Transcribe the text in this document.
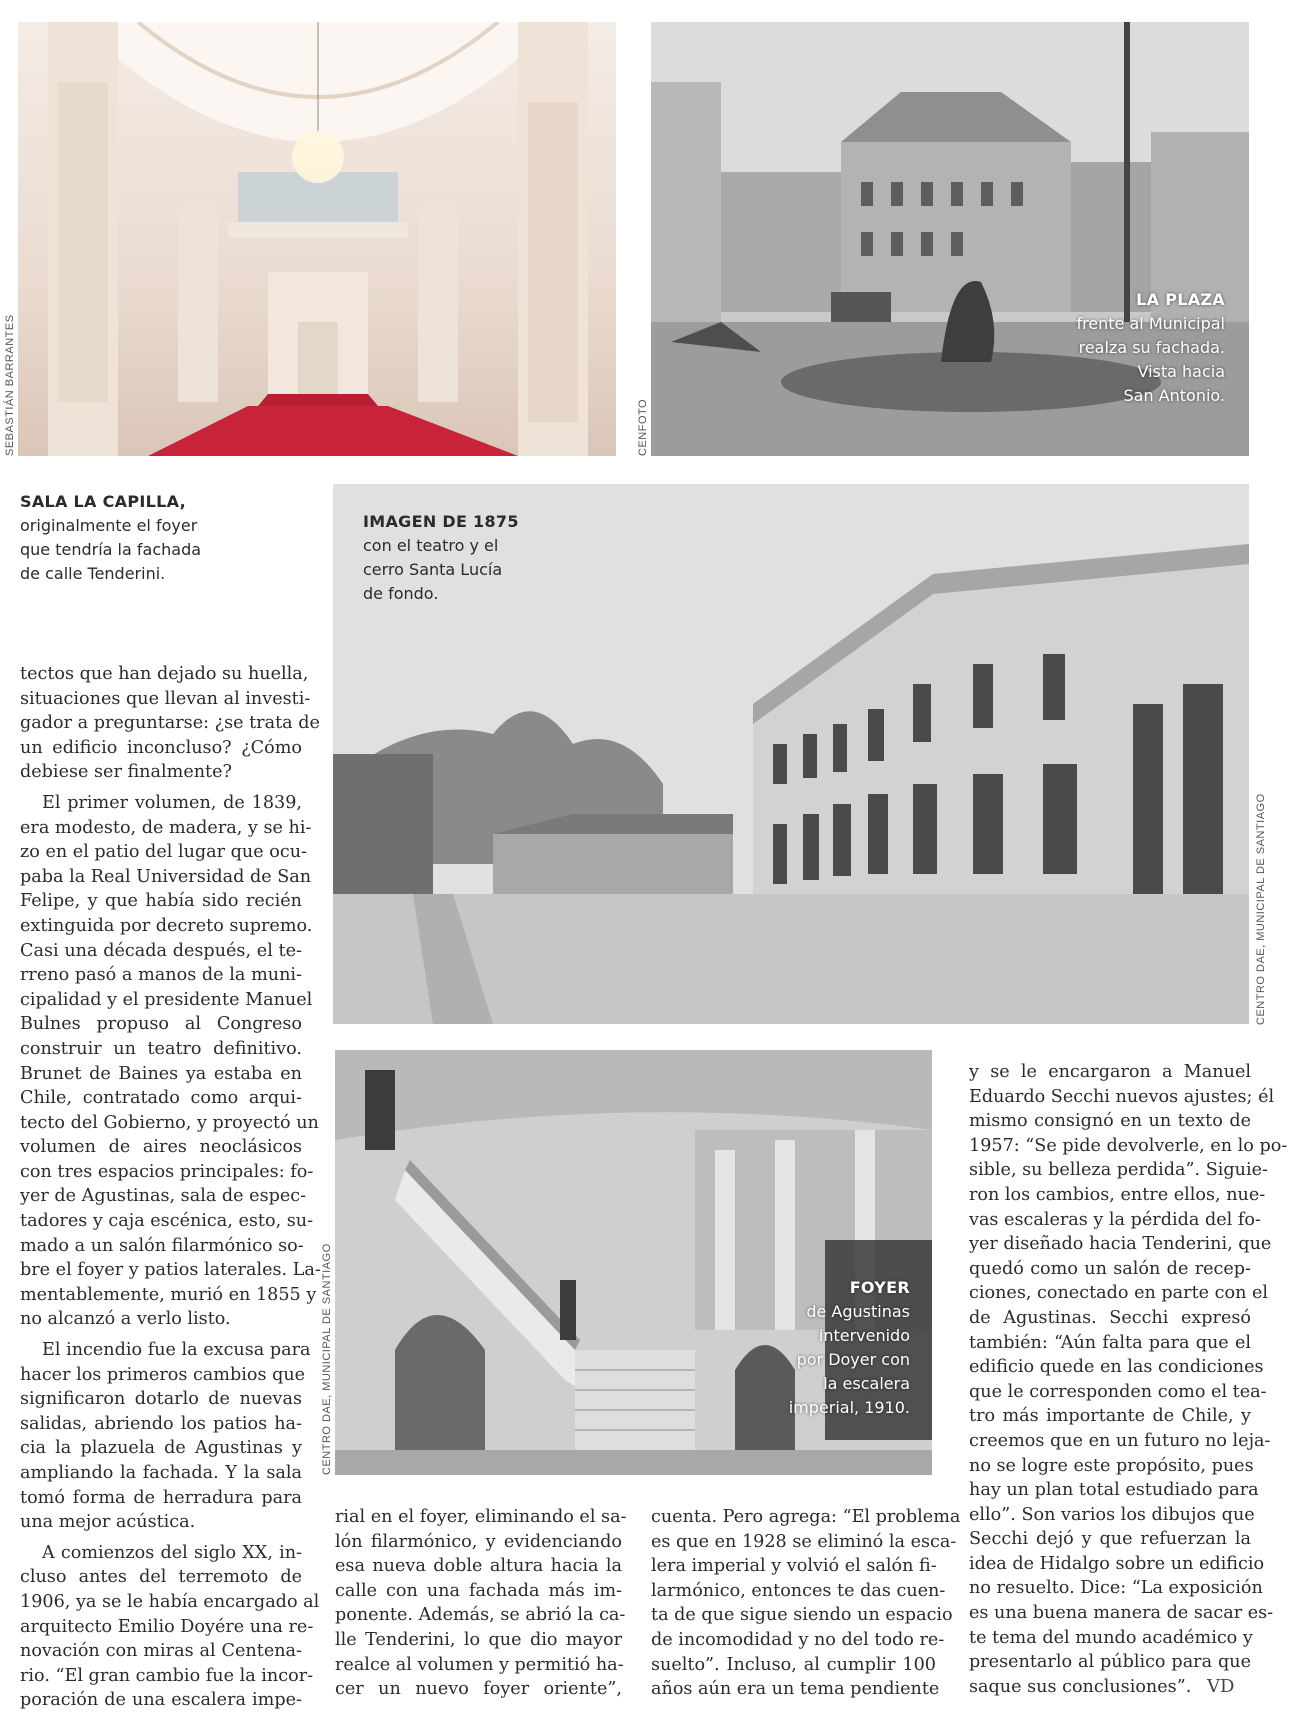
SEBASTIÁN BARRANTES
LA PLAZA
frente al Municipal
realza su fachada.
Vista hacia
San Antonio.
CENFOTO
SALA LA CAPILLA,
originalmente el foyer
que tendría la fachada
de calle Tenderini.
IMAGEN DE 1875
con el teatro y el
cerro Santa Lucía
de fondo.
CENTRO DAE, MUNICIPAL DE SANTIAGO
FOYER
de Agustinas
intervenido
por Doyer con
la escalera
imperial, 1910.
CENTRO DAE, MUNICIPAL DE SANTIAGO
tectos que han dejado su huella,
situaciones que llevan al investi-
gador a preguntarse: ¿se trata de
un edificio inconcluso? ¿Cómo
debiese ser finalmente?
El primer volumen, de 1839,
era modesto, de madera, y se hi-
zo en el patio del lugar que ocu-
paba la Real Universidad de San
Felipe, y que había sido recién
extinguida por decreto supremo.
Casi una década después, el te-
rreno pasó a manos de la muni-
cipalidad y el presidente Manuel
Bulnes propuso al Congreso
construir un teatro definitivo.
Brunet de Baines ya estaba en
Chile, contratado como arqui-
tecto del Gobierno, y proyectó un
volumen de aires neoclásicos
con tres espacios principales: fo-
yer de Agustinas, sala de espec-
tadores y caja escénica, esto, su-
mado a un salón filarmónico so-
bre el foyer y patios laterales. La-
mentablemente, murió en 1855 y
no alcanzó a verlo listo.
El incendio fue la excusa para
hacer los primeros cambios que
significaron dotarlo de nuevas
salidas, abriendo los patios ha-
cia la plazuela de Agustinas y
ampliando la fachada. Y la sala
tomó forma de herradura para
una mejor acústica.
A comienzos del siglo XX, in-
cluso antes del terremoto de
1906, ya se le había encargado al
arquitecto Emilio Doyére una re-
novación con miras al Centena-
rio. “El gran cambio fue la incor-
poración de una escalera impe-
rial en el foyer, eliminando el sa-
lón filarmónico, y evidenciando
esa nueva doble altura hacia la
calle con una fachada más im-
ponente. Además, se abrió la ca-
lle Tenderini, lo que dio mayor
realce al volumen y permitió ha-
cer un nuevo foyer oriente”,
cuenta. Pero agrega: “El problema
es que en 1928 se eliminó la esca-
lera imperial y volvió el salón fi-
larmónico, entonces te das cuen-
ta de que sigue siendo un espacio
de incomodidad y no del todo re-
suelto”. Incluso, al cumplir 100
años aún era un tema pendiente
y se le encargaron a Manuel
Eduardo Secchi nuevos ajustes; él
mismo consignó en un texto de
1957: “Se pide devolverle, en lo po-
sible, su belleza perdida”. Siguie-
ron los cambios, entre ellos, nue-
vas escaleras y la pérdida del fo-
yer diseñado hacia Tenderini, que
quedó como un salón de recep-
ciones, conectado en parte con el
de Agustinas. Secchi expresó
también: “Aún falta para que el
edificio quede en las condiciones
que le corresponden como el tea-
tro más importante de Chile, y
creemos que en un futuro no leja-
no se logre este propósito, pues
hay un plan total estudiado para
ello”. Son varios los dibujos que
Secchi dejó y que refuerzan la
idea de Hidalgo sobre un edificio
no resuelto. Dice: “La exposición
es una buena manera de sacar es-
te tema del mundo académico y
presentarlo al público para que
saque sus conclusiones”. VD
